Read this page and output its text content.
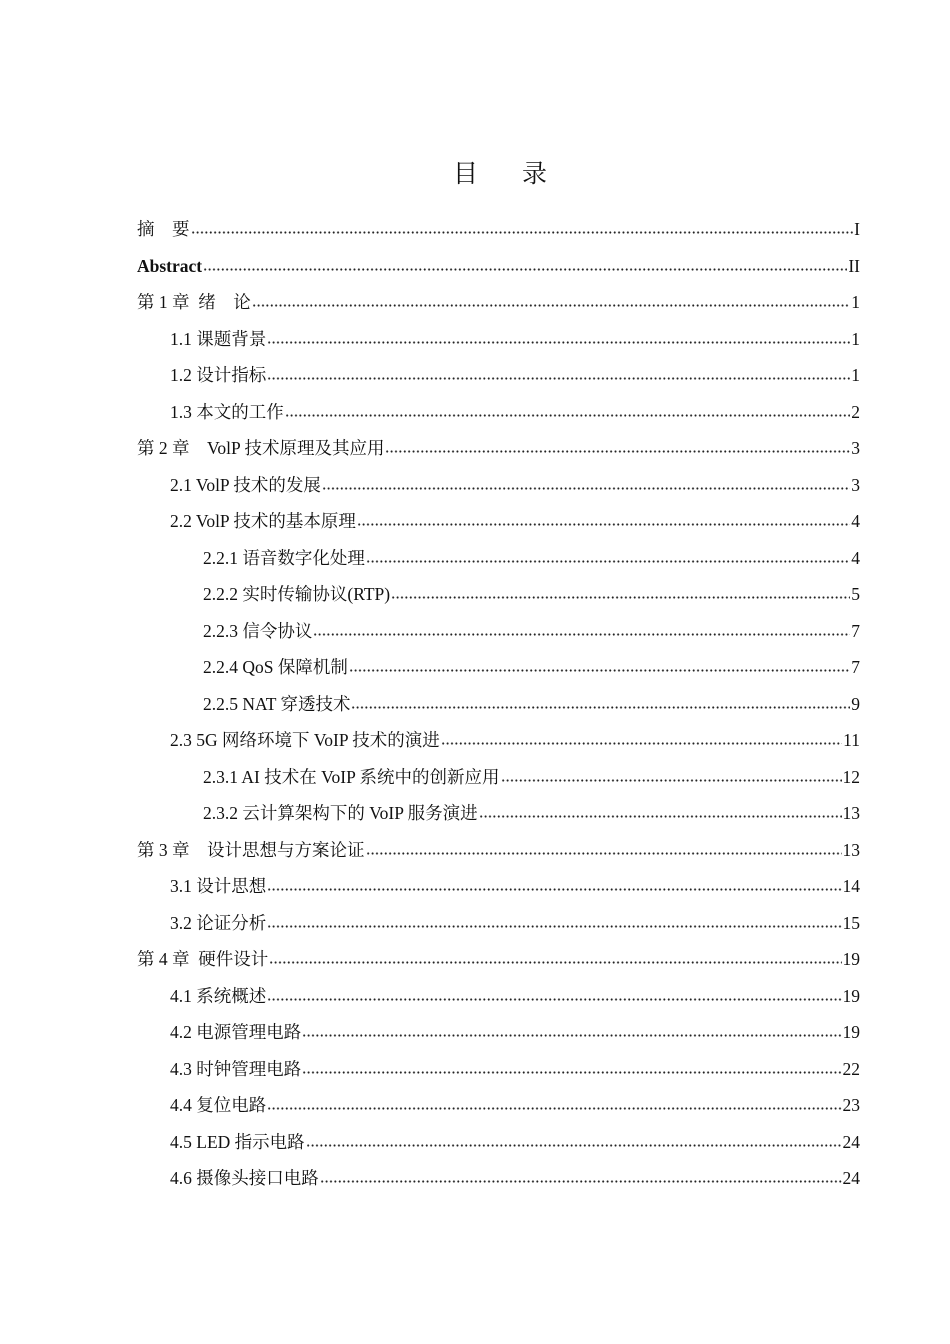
目 录
摘    要	I
Abstract	II
第 1 章  绪    论	1
1.1 课题背景	1
1.2 设计指标	1
1.3 本文的工作	2
第 2 章    VolP 技术原理及其应用	3
2.1 VolP 技术的发展	3
2.2 VolP 技术的基本原理	4
2.2.1 语音数字化处理	4
2.2.2 实时传输协议(RTP)	5
2.2.3 信令协议	7
2.2.4 QoS 保障机制	7
2.2.5 NAT 穿透技术	9
2.3 5G 网络环境下 VoIP 技术的演进	11
2.3.1 AI 技术在 VoIP 系统中的创新应用	12
2.3.2 云计算架构下的 VoIP 服务演进	13
第 3 章    设计思想与方案论证	13
3.1 设计思想	14
3.2 论证分析	15
第 4 章  硬件设计	19
4.1 系统概述	19
4.2 电源管理电路	19
4.3 时钟管理电路	22
4.4 复位电路	23
4.5 LED 指示电路	24
4.6 摄像头接口电路	24
